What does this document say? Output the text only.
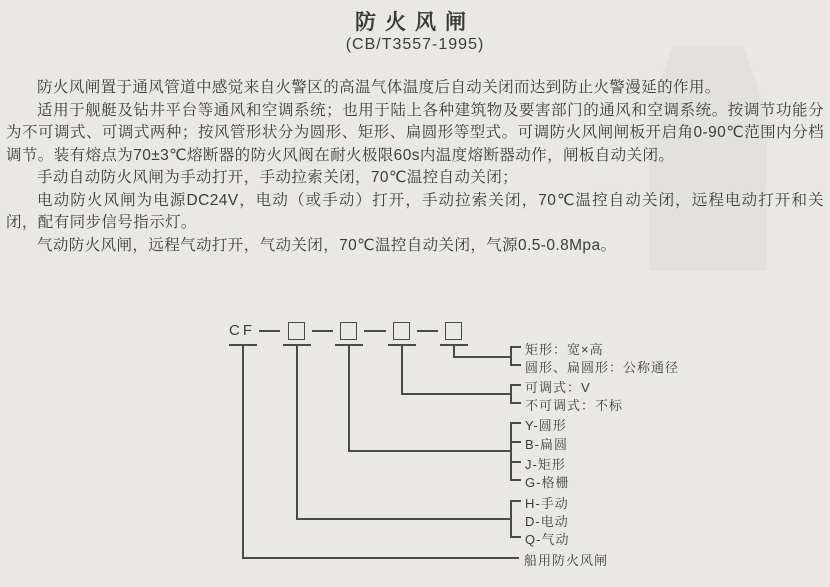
防火风闸
(CB/T3557-1995)

防火风闸置于通风管道中感觉来自火警区的高温气体温度后自动关闭而达到防止火警漫延的作用。

适用于舰艇及钻井平台等通风和空调系统；也用于陆上各种建筑物及要害部门的通风和空调系统。按调节功能分为不可调式、可调式两种；按风管形状分为圆形、矩形、扁圆形等型式。可调防火风闸闸板开启角0-90℃范围内分档调节。装有熔点为70±3℃熔断器的防火风阀在耐火极限60s内温度熔断器动作，闸板自动关闭。

手动自动防火风闸为手动打开，手动拉索关闭，70℃温控自动关闭；

电动防火风闸为电源DC24V，电动（或手动）打开，手动拉索关闭，70℃温控自动关闭，远程电动打开和关闭，配有同步信号指示灯。

气动防火风闸，远程气动打开，气动关闭，70℃温控自动关闭，气源0.5-0.8Mpa。

CF
矩形：宽×高
圆形、扁圆形：公称通径
可调式：V
不可调式：不标
Y-圆形
B-扁圆
J-矩形
G-格栅
H-手动
D-电动
Q-气动
船用防火风闸
